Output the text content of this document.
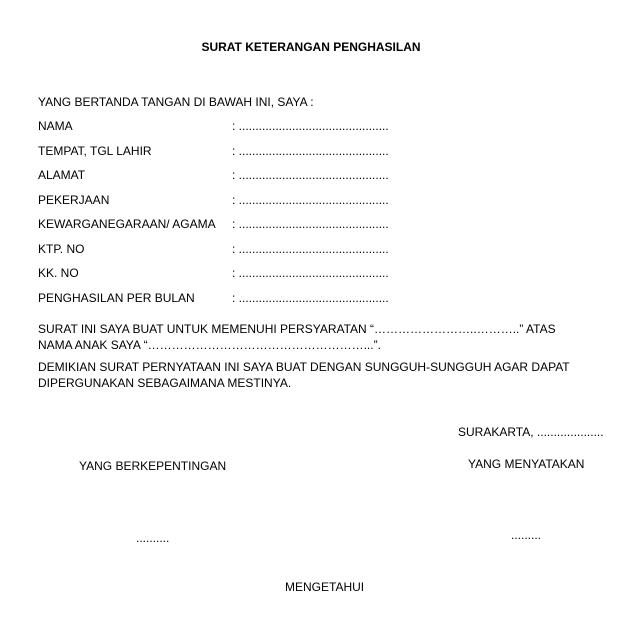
SURAT KETERANGAN PENGHASILAN
YANG BERTANDA TANGAN DI BAWAH INI, SAYA :
NAMA	: .............................................
TEMPAT, TGL LAHIR	: .............................................
ALAMAT	: .............................................
PEKERJAAN	: .............................................
KEWARGANEGARAAN/ AGAMA : .............................................
KTP. NO	: .............................................
KK. NO	: .............................................
PENGHASILAN PER BULAN	: .............................................
SURAT INI SAYA BUAT UNTUK MEMENUHI PERSYARATAN “……………………..………..” ATAS
NAMA ANAK SAYA “………………………………………………...”.
DEMIKIAN SURAT PERNYATAAN INI SAYA BUAT DENGAN SUNGGUH-SUNGGUH AGAR DAPAT
DIPERGUNAKAN SEBAGAIMANA MESTINYA.
SURAKARTA, ....................
YANG BERKEPENTINGAN	YANG MENYATAKAN
..........	.........
MENGETAHUI
